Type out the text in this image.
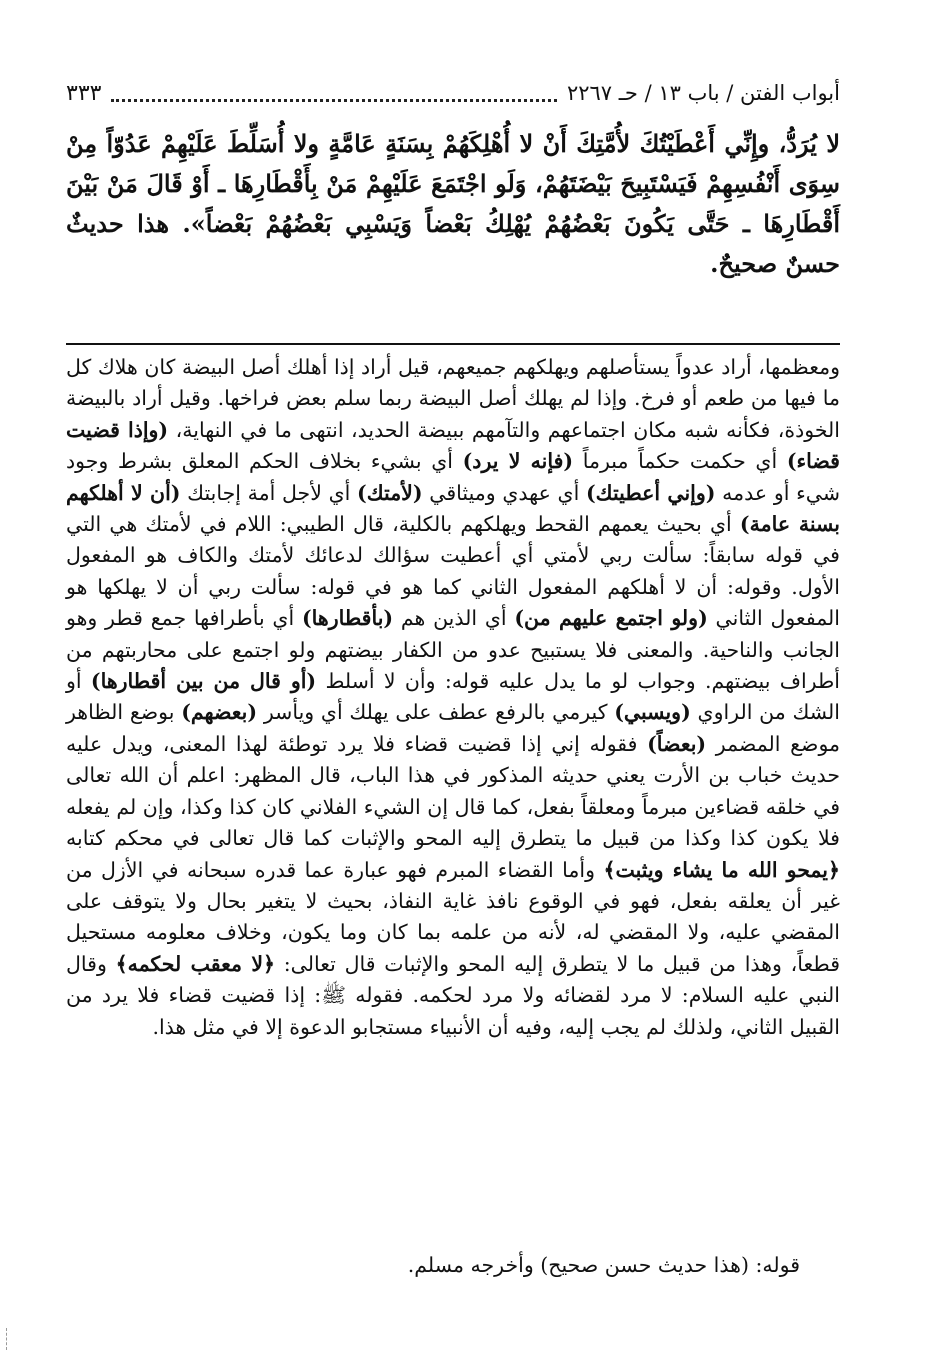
أبواب الفتن / باب ١٣ / حـ ٢٢٦٧
٣٣٣
لا يُرَدُّ، وإِنِّي أَعْطَيْتُكَ لأُمَّتِكَ أَنْ لا أُهْلِكَهُمْ بِسَنَةٍ عَامَّةٍ ولا أُسَلِّطَ عَلَيْهِمْ عَدُوّاً مِنْ سِوَى أَنْفُسِهِمْ فَيَسْتَبِيحَ بَيْضَتَهُمْ، وَلَو اجْتَمَعَ عَلَيْهِمْ مَنْ بِأَقْطَارِهَا ـ أَوْ قَالَ مَنْ بَيْنَ أَقْطَارِهَا ـ حَتَّى يَكُونَ بَعْضُهُمْ يُهْلِكُ بَعْضاً وَيَسْبِي بَعْضُهُمْ بَعْضاً». هذا حديثٌ حسنٌ صحيحٌ.

ومعظمها، أراد عدواً يستأصلهم ويهلكهم جميعهم، قيل أراد إذا أهلك أصل البيضة كان هلاك كل ما فيها من طعم أو فرخ. وإذا لم يهلك أصل البيضة ربما سلم بعض فراخها. وقيل أراد بالبيضة الخوذة، فكأنه شبه مكان اجتماعهم والتآمهم ببيضة الحديد، انتهى ما في النهاية، (وإذا قضيت قضاء) أي حكمت حكماً مبرماً (فإنه لا يرد) أي بشيء بخلاف الحكم المعلق بشرط وجود شيء أو عدمه (وإني أعطيتك) أي عهدي وميثاقي (لأمتك) أي لأجل أمة إجابتك (أن لا أهلكهم بسنة عامة) أي بحيث يعمهم القحط ويهلكهم بالكلية، قال الطيبي: اللام في لأمتك هي التي في قوله سابقاً: سألت ربي لأمتي أي أعطيت سؤالك لدعائك لأمتك والكاف هو المفعول الأول. وقوله: أن لا أهلكهم المفعول الثاني كما هو في قوله: سألت ربي أن لا يهلكها هو المفعول الثاني (ولو اجتمع عليهم من) أي الذين هم (بأقطارها) أي بأطرافها جمع قطر وهو الجانب والناحية. والمعنى فلا يستبيح عدو من الكفار بيضتهم ولو اجتمع على محاربتهم من أطراف بيضتهم. وجواب لو ما يدل عليه قوله: وأن لا أسلط (أو قال من بين أقطارها) أو الشك من الراوي (ويسبي) كيرمي بالرفع عطف على يهلك أي ويأسر (بعضهم) بوضع الظاهر موضع المضمر (بعضاً) فقوله إني إذا قضيت قضاء فلا يرد توطئة لهذا المعنى، ويدل عليه حديث خباب بن الأرت يعني حديثه المذكور في هذا الباب، قال المظهر: اعلم أن الله تعالى في خلقه قضاءين مبرماً ومعلقاً بفعل، كما قال إن الشيء الفلاني كان كذا وكذا، وإن لم يفعله فلا يكون كذا وكذا من قبيل ما يتطرق إليه المحو والإثبات كما قال تعالى في محكم كتابه ﴿يمحو الله ما يشاء ويثبت﴾ وأما القضاء المبرم فهو عبارة عما قدره سبحانه في الأزل من غير أن يعلقه بفعل، فهو في الوقوع نافذ غاية النفاذ، بحيث لا يتغير بحال ولا يتوقف على المقضي عليه، ولا المقضي له، لأنه من علمه بما كان وما يكون، وخلاف معلومه مستحيل قطعاً، وهذا من قبيل ما لا يتطرق إليه المحو والإثبات قال تعالى: ﴿لا معقب لحكمه﴾ وقال النبي عليه السلام: لا مرد لقضائه ولا مرد لحكمه. فقوله ﷺ: إذا قضيت قضاء فلا يرد من القبيل الثاني، ولذلك لم يجب إليه، وفيه أن الأنبياء مستجابو الدعوة إلا في مثل هذا.

قوله: (هذا حديث حسن صحيح) وأخرجه مسلم.
